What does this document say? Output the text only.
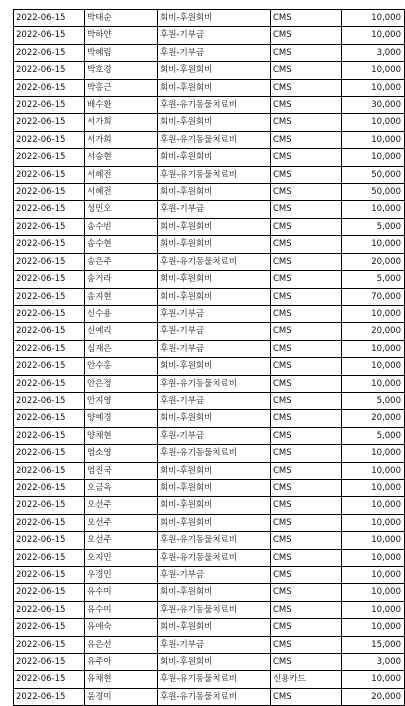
2022-06-15	박태순	회비-후원회비	CMS	10,000
2022-06-15	박하얀	후원-기부금	CMS	10,000
2022-06-15	박혜림	후원-기부금	CMS	3,000
2022-06-15	박호경	회비-후원회비	CMS	10,000
2022-06-15	박홍근	회비-후원회비	CMS	10,000
2022-06-15	배수환	후원-유기동물치료비	CMS	30,000
2022-06-15	서가희	회비-후원회비	CMS	10,000
2022-06-15	서가희	후원-유기동물치료비	CMS	10,000
2022-06-15	서승현	회비-후원회비	CMS	10,000
2022-06-15	서혜전	후원-유기동물치료비	CMS	50,000
2022-06-15	서혜전	회비-후원회비	CMS	50,000
2022-06-15	성민오	후원-기부금	CMS	10,000
2022-06-15	송수빈	회비-후원회비	CMS	5,000
2022-06-15	송수현	회비-후원회비	CMS	10,000
2022-06-15	송은주	후원-유기동물치료비	CMS	20,000
2022-06-15	송거라	회비-후원회비	CMS	5,000
2022-06-15	송지현	회비-후원회비	CMS	70,000
2022-06-15	신수용	후원-기부금	CMS	10,000
2022-06-15	신예리	후원-기부금	CMS	20,000
2022-06-15	심재은	후원-기부금	CMS	10,000
2022-06-15	안수홍	회비-후원회비	CMS	10,000
2022-06-15	안은정	후원-유기동물치료비	CMS	10,000
2022-06-15	안지영	후원-기부금	CMS	5,000
2022-06-15	양예경	회비-후원회비	CMS	20,000
2022-06-15	양채현	후원-기부금	CMS	5,000
2022-06-15	엄소영	후원-유기동물치료비	CMS	10,000
2022-06-15	엄진국	회비-후원회비	CMS	10,000
2022-06-15	오금옥	회비-후원회비	CMS	10,000
2022-06-15	오선주	회비-후원회비	CMS	10,000
2022-06-15	오선주	회비-후원회비	CMS	10,000
2022-06-15	오선주	후원-유기동물치료비	CMS	10,000
2022-06-15	오지민	후원-유기동물치료비	CMS	10,000
2022-06-15	우경민	후원-기부금	CMS	10,000
2022-06-15	유수미	회비-후원회비	CMS	10,000
2022-06-15	유수미	후원-유기동물치료비	CMS	10,000
2022-06-15	유애숙	회비-후원회비	CMS	10,000
2022-06-15	유은선	후원-기부금	CMS	15,000
2022-06-15	유주아	회비-후원회비	CMS	3,000
2022-06-15	유채현	후원-유기동물치료비	신용카드	10,000
2022-06-15	윤경미	후원-유기동물치료비	CMS	20,000
